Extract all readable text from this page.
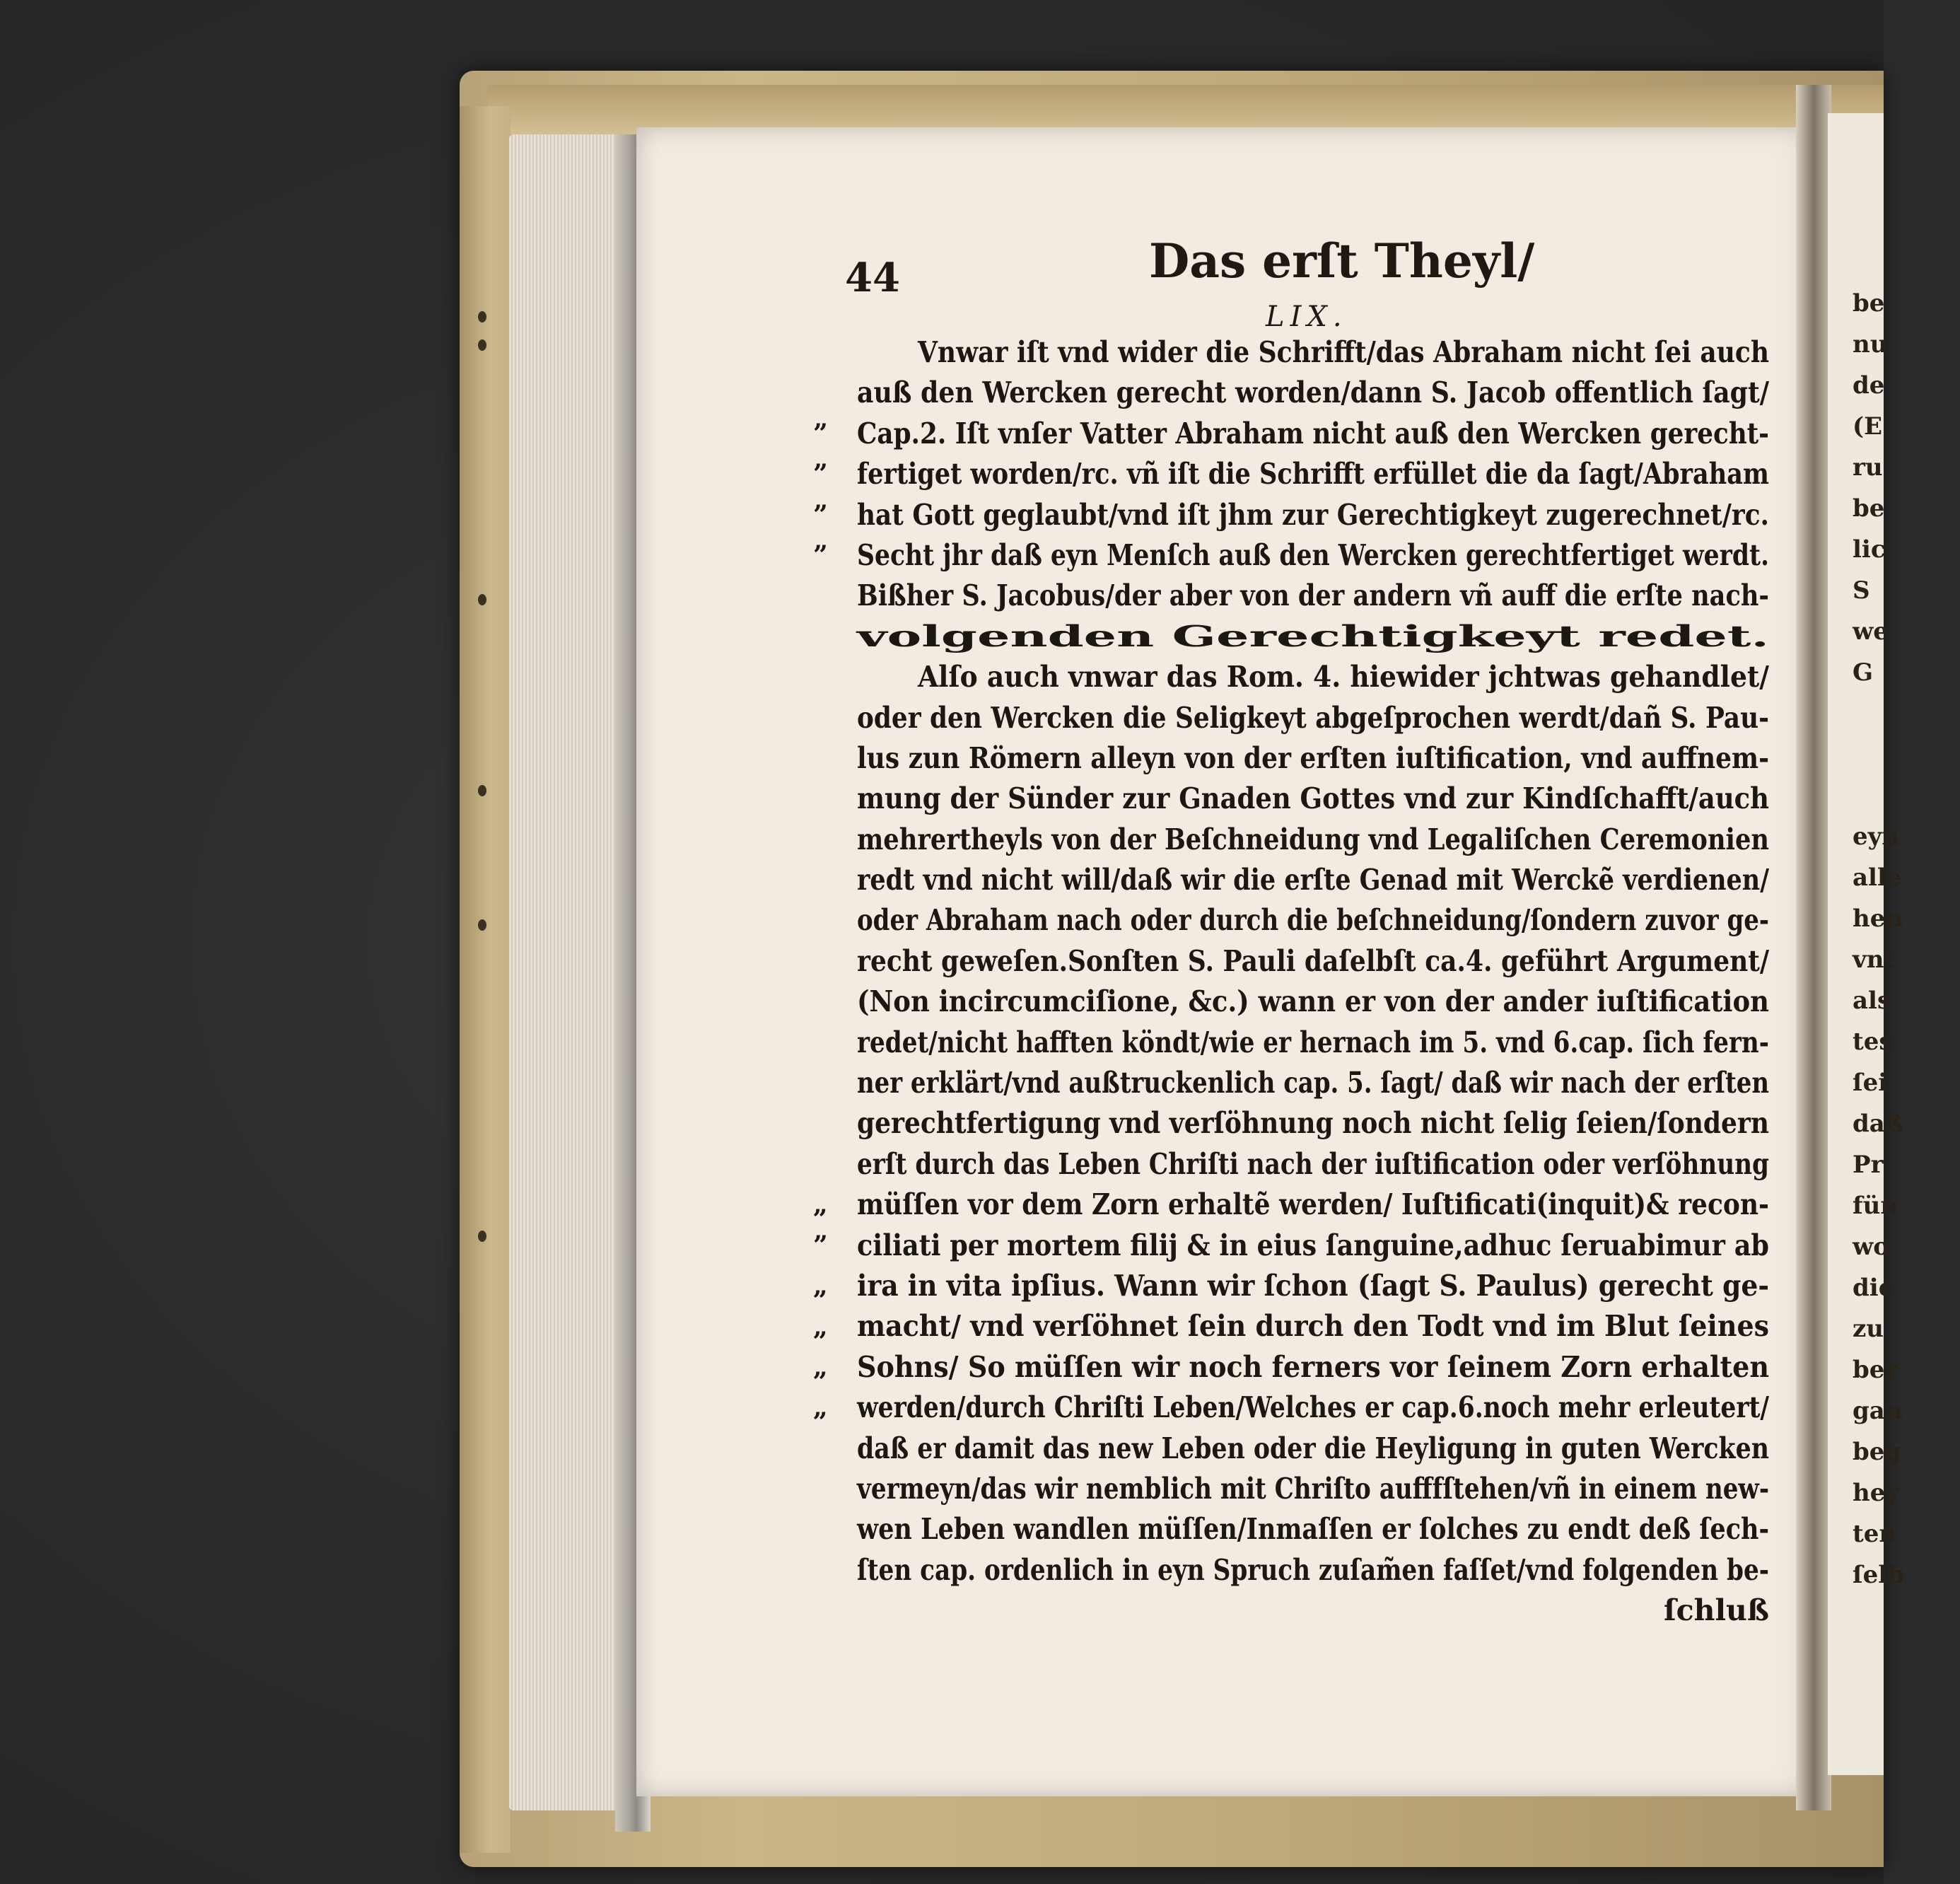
be
nu
de
(E
ru
be
lic
S
we
G
eyn
alle
hen
vnt
als
tes
ſei
daß
Pr
fün
wo
die
zu
ber
gan
beg
hey
ten
ſelb
44	Das erſt Theyl/
LIX.
”
”
”
”
„
”
„
„
„
„
Vnwar iſt vnd wider die Schrifft/das Abraham nicht ſei auch
auß den Wercken gerecht worden/dann S. Jacob offentlich ſagt/
Cap.2. Iſt vnſer Vatter Abraham nicht auß den Wercken gerecht‑
fertiget worden/rc. vñ iſt die Schrifft erfüllet die da ſagt/Abraham
hat Gott geglaubt/vnd iſt jhm zur Gerechtigkeyt zugerechnet/rc.
Secht jhr daß eyn Menſch auß den Wercken gerechtfertiget werdt.
Bißher S. Jacobus/der aber von der andern vñ auff die erſte nach‑
volgenden Gerechtigkeyt redet.
Alſo auch vnwar das Rom. 4. hiewider jchtwas gehandlet/
oder den Wercken die Seligkeyt abgeſprochen werdt/dañ S. Pau‑
lus zun Römern alleyn von der erſten iuſtification, vnd auffnem‑
mung der Sünder zur Gnaden Gottes vnd zur Kindſchafft/auch
mehrertheyls von der Beſchneidung vnd Legaliſchen Ceremonien
redt vnd nicht will/daß wir die erſte Genad mit Werckẽ verdienen/
oder Abraham nach oder durch die beſchneidung/ſondern zuvor ge‑
recht geweſen.Sonſten S. Pauli daſelbſt ca.4. geführt Argument/
(Non incircumciſione, &c.) wann er von der ander iuſtification
redet/nicht hafften köndt/wie er hernach im 5. vnd 6.cap. ſich fern‑
ner erklärt/vnd außtruckenlich cap. 5. ſagt/ daß wir nach der erſten
gerechtfertigung vnd verſöhnung noch nicht ſelig ſeien/ſondern
erſt durch das Leben Chriſti nach der iuſtification oder verſöhnung
müſſen vor dem Zorn erhaltẽ werden/ Iuſtificati(inquit)& recon‑
ciliati per mortem filij & in eius ſanguine,adhuc ſeruabimur ab
ira in vita ipſius. Wann wir ſchon (ſagt S. Paulus) gerecht ge‑
macht/ vnd verſöhnet ſein durch den Todt vnd im Blut ſeines
Sohns/ So müſſen wir noch ferners vor ſeinem Zorn erhalten
werden/durch Chriſti Leben/Welches er cap.6.noch mehr erleutert/
daß er damit das new Leben oder die Heyligung in guten Wercken
vermeyn/das wir nemblich mit Chriſto aufffſtehen/vñ in einem new‑
wen Leben wandlen müſſen/Inmaſſen er ſolches zu endt deß ſech‑
ſten cap. ordenlich in eyn Spruch zuſam̃en faſſet/vnd folgenden be‑
ſchluß
